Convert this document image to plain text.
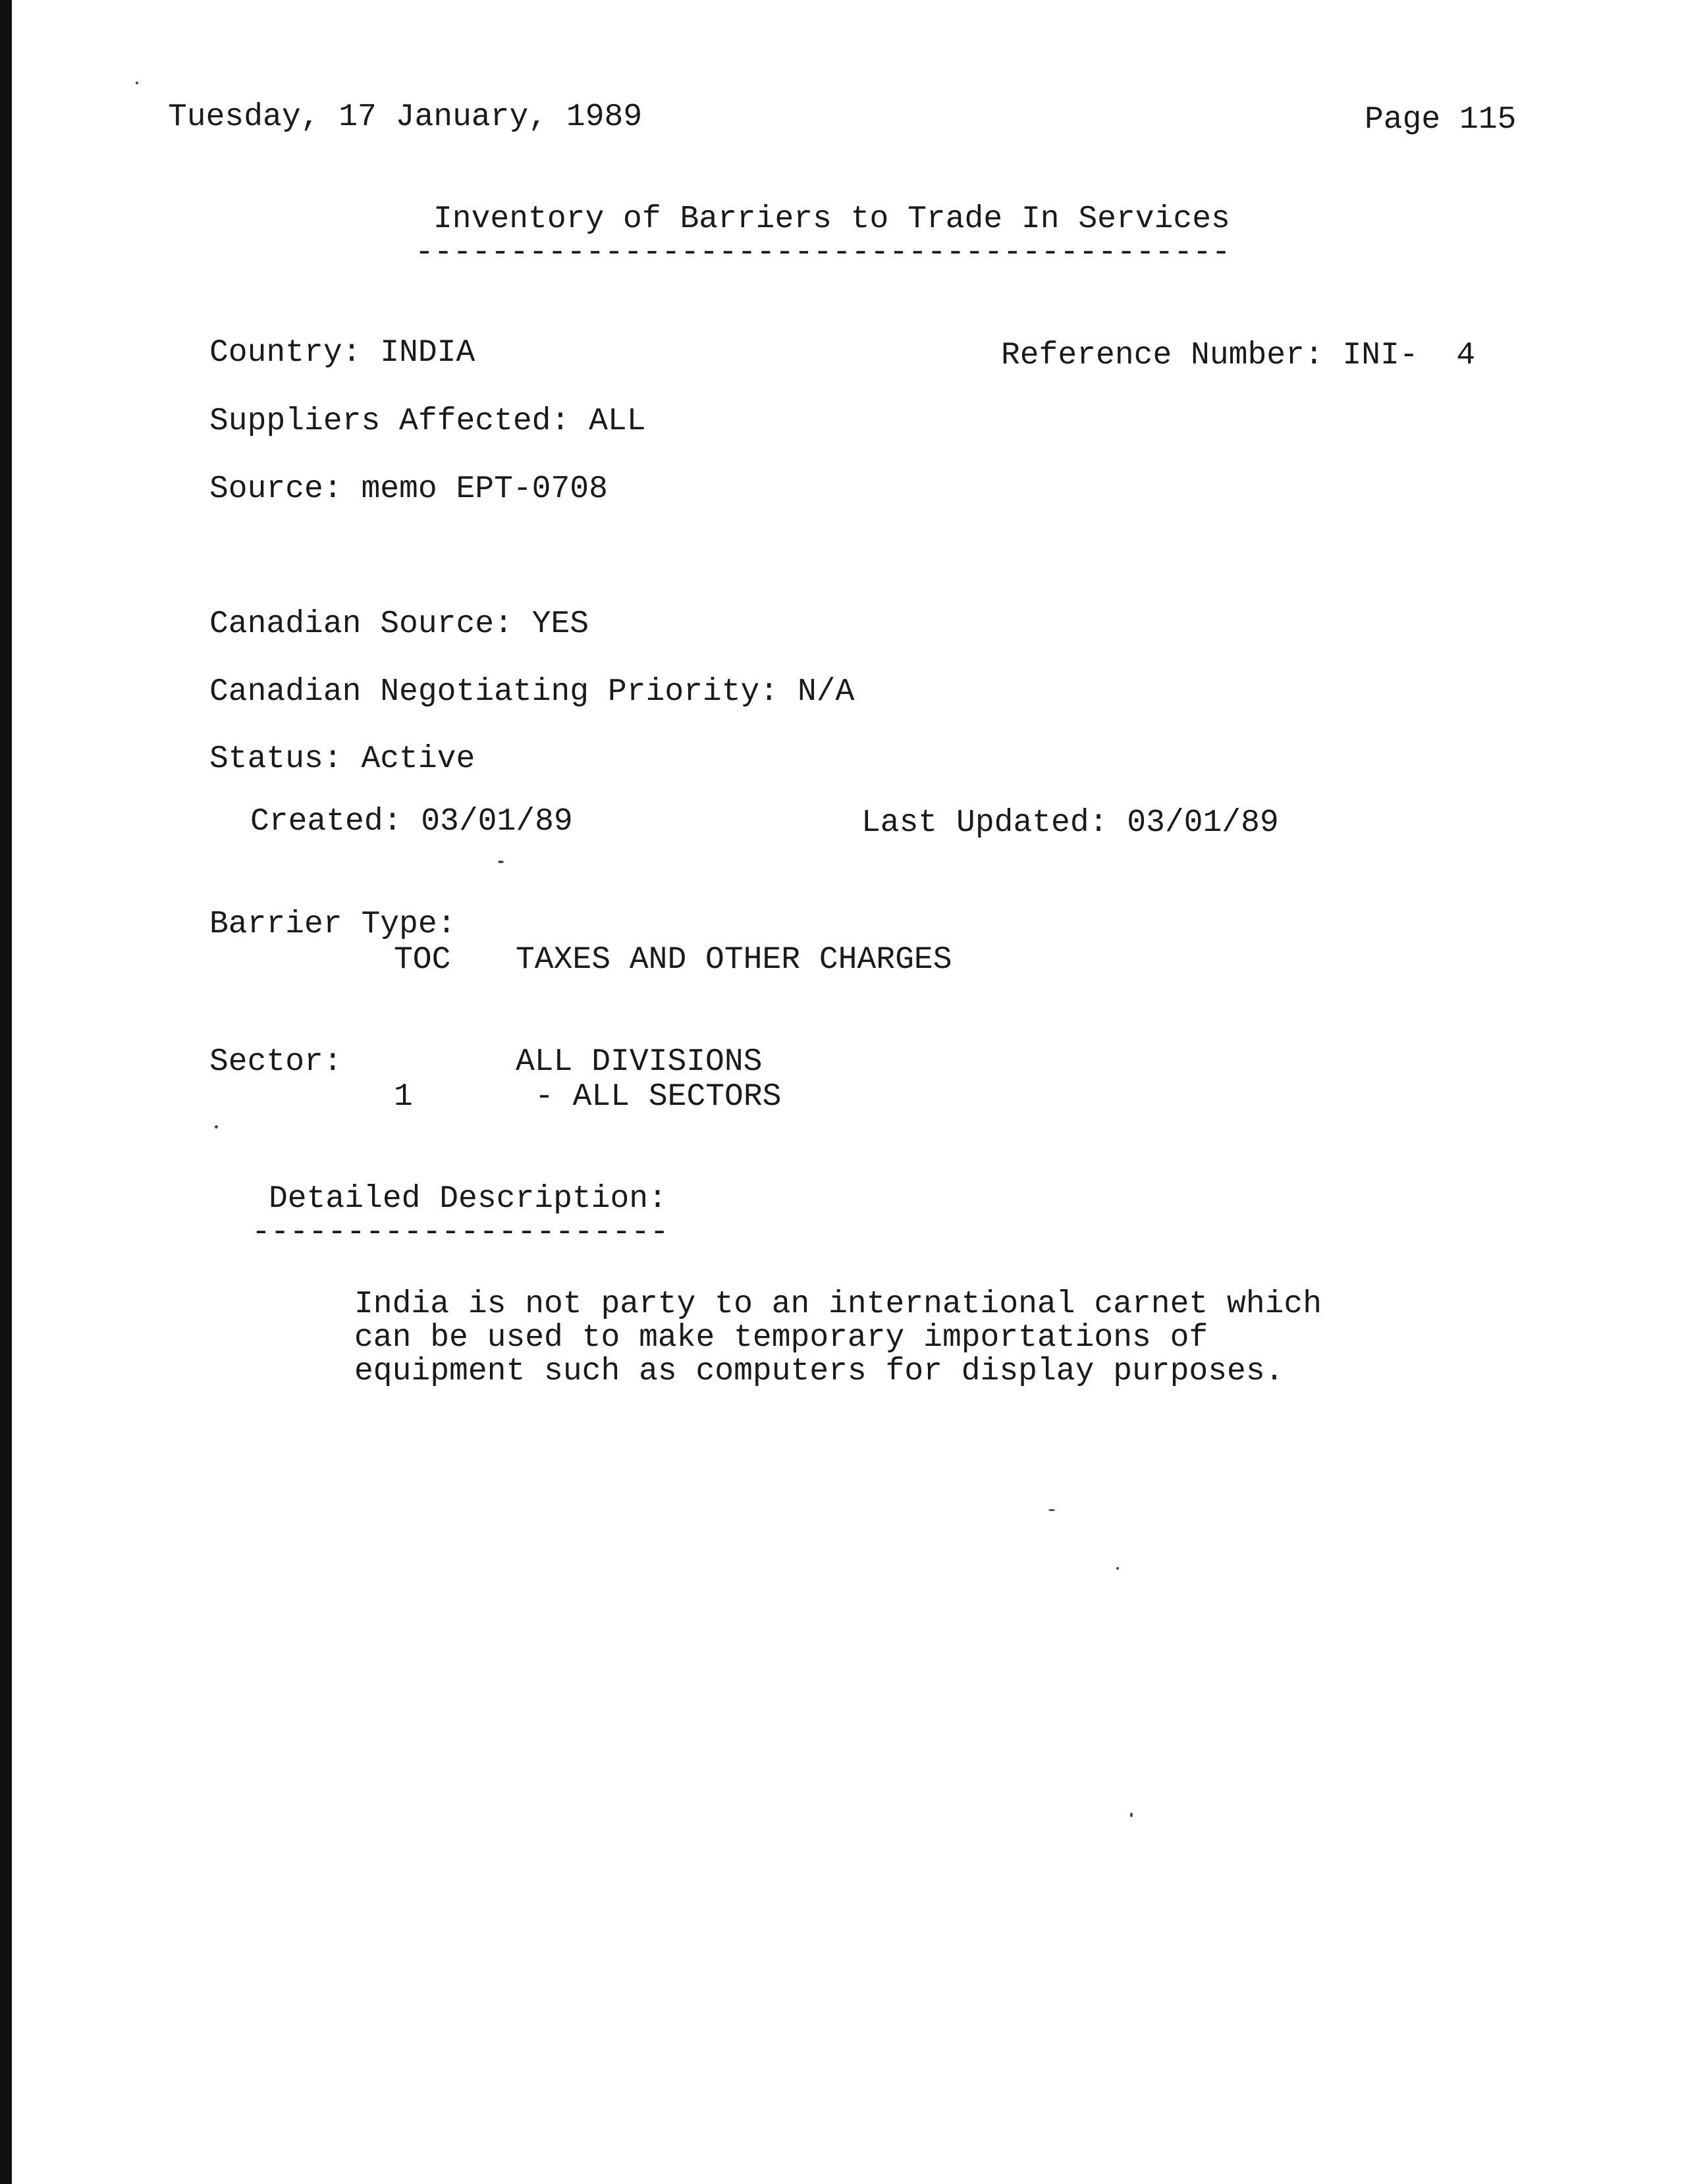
Tuesday, 17 January, 1989	Page 115
Inventory of Barriers to Trade In Services
-------------------------------------------
Country: INDIA	Reference Number: INI-  4
Suppliers Affected: ALL
Source: memo EPT-0708
Canadian Source: YES
Canadian Negotiating Priority: N/A
Status: Active
Created: 03/01/89	Last Updated: 03/01/89
Barrier Type:
TOC TAXES AND OTHER CHARGES
Sector:	ALL DIVISIONS
1	- ALL SECTORS
Detailed Description:
----------------------
India is not party to an international carnet which
can be used to make temporary importations of
equipment such as computers for display purposes.
